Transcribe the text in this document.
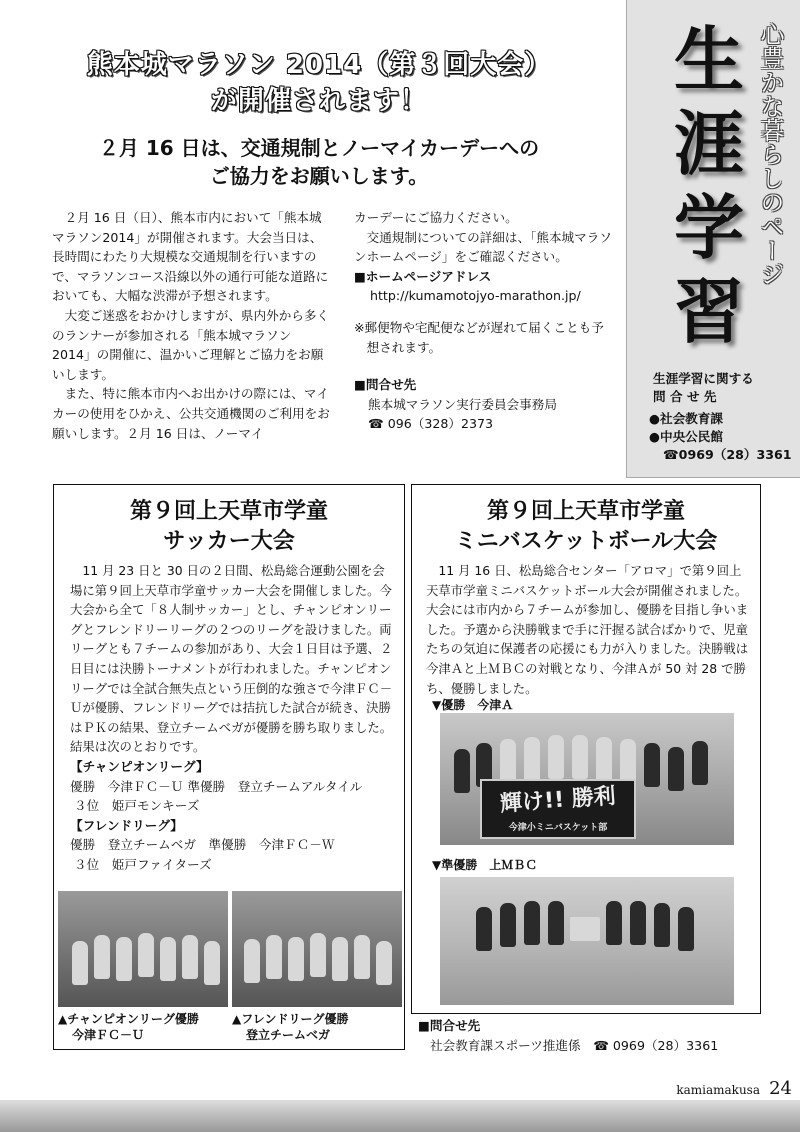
熊本城マラソン 2014（第３回大会）
が開催されます！
２月 16 日は、交通規制とノーマイカーデーへの
ご協力をお願いします。

２月 16 日（日）、熊本市内において「熊本城マラソン2014」が開催されます。大会当日は、長時間にわたり大規模な交通規制を行いますので、マラソンコース沿線以外の通行可能な道路においても、大幅な渋滞が予想されます。

大変ご迷惑をおかけしますが、県内外から多くのランナーが参加される「熊本城マラソン 2014」の開催に、温かいご理解とご協力をお願いします。

また、特に熊本市内へお出かけの際には、マイカーの使用をひかえ、公共交通機関のご利用をお願いします。２月 16 日は、ノーマイ

カーデーにご協力ください。

交通規制についての詳細は、「熊本城マラソンホームページ」をご確認ください。

■ホームページアドレス
http://kumamotojyo-marathon.jp/

※郵便物や宅配便などが遅れて届くことも予想されます。

■問合せ先
熊本城マラソン実行委員会事務局
☎ 096（328）2373
生
涯
学
習
心豊かな暮らしのページ
生涯学習に関する
問 合 せ 先
●社会教育課
●中央公民館
☎0969（28）3361
第９回上天草市学童
サッカー大会

11 月 23 日と 30 日の２日間、松島総合運動公園を会場に第９回上天草市学童サッカー大会を開催しました。今大会から全て「８人制サッカー」とし、チャンピオンリーグとフレンドリーリーグの２つのリーグを設けました。両リーグとも７チームの参加があり、大会１日目は予選、２日目には決勝トーナメントが行われました。チャンピオンリーグでは全試合無失点という圧倒的な強さで今津ＦＣ－Ｕが優勝、フレンドリーグでは拮抗した試合が続き、決勝はＰＫの結果、登立チームベガが優勝を勝ち取りました。結果は次のとおりです。

【チャンピオンリーグ】
優勝　今津ＦＣ－Ｕ 準優勝　登立チームアルタイル
３位　姫戸モンキーズ
【フレンドリーグ】
優勝　登立チームベガ　準優勝　今津ＦＣ－Ｗ
３位　姫戸ファイターズ
▲チャンピオンリーグ優勝
今津ＦＣ－Ｕ
▲フレンドリーグ優勝
登立チームベガ
第９回上天草市学童
ミニバスケットボール大会

11 月 16 日、松島総合センター「アロマ」で第９回上天草市学童ミニバスケットボール大会が開催されました。大会には市内から７チームが参加し、優勝を目指し争いました。予選から決勝戦まで手に汗握る試合ばかりで、児童たちの気迫に保護者の応援にも力が入りました。決勝戦は今津Ａと上ＭＢＣの対戦となり、今津Ａが 50 対 28 で勝ち、優勝しました。

▼優勝　今津Ａ
輝け!! 勝利
今津小ミニバスケット部
▼準優勝　上ＭＢＣ
■問合せ先
社会教育課スポーツ推進係　☎ 0969（28）3361
kamiamakusa 24
